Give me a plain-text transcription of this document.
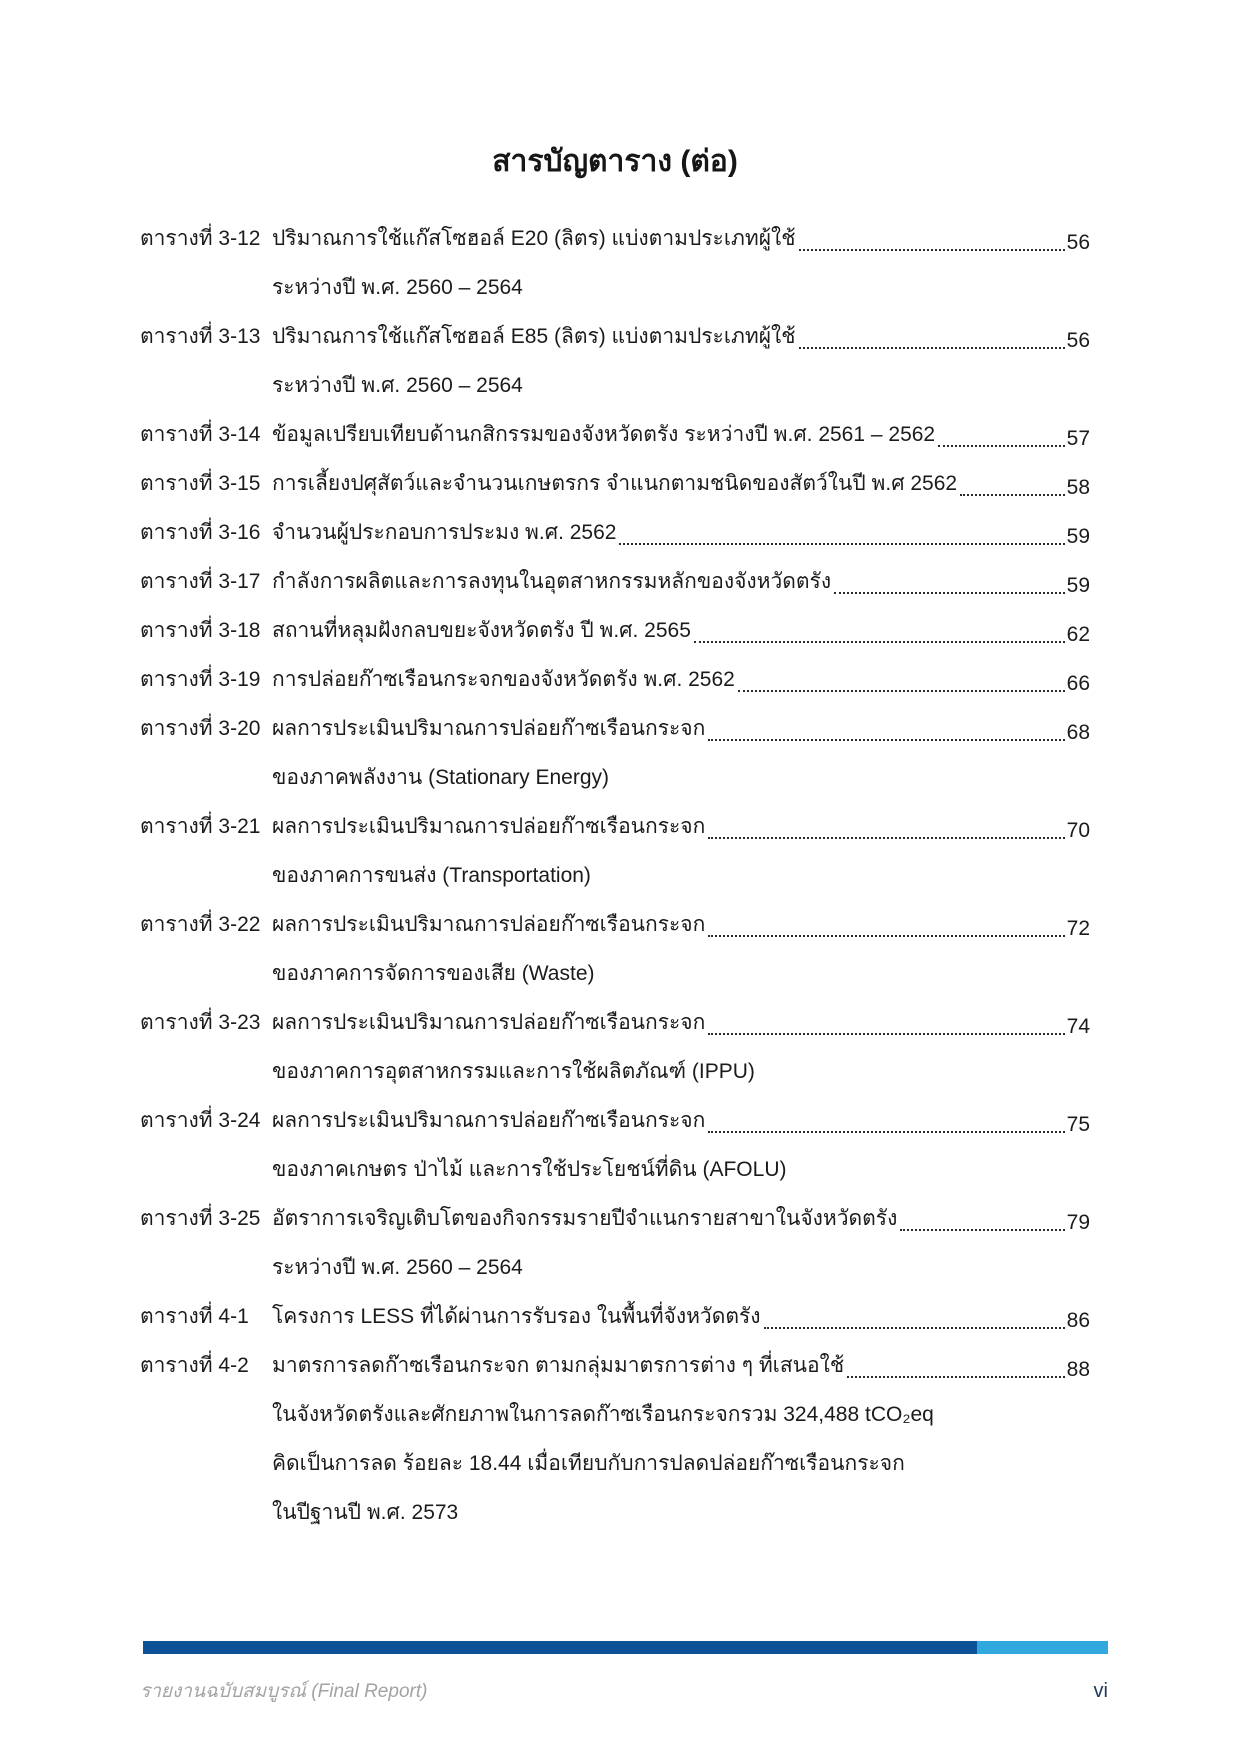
สารบัญตาราง (ต่อ)
ตารางที่ 3-12 ปริมาณการใช้แก๊สโซฮอล์ E20 (ลิตร) แบ่งตามประเภทผู้ใช้	56
ระหว่างปี พ.ศ. 2560 – 2564
ตารางที่ 3-13 ปริมาณการใช้แก๊สโซฮอล์ E85 (ลิตร) แบ่งตามประเภทผู้ใช้	56
ระหว่างปี พ.ศ. 2560 – 2564
ตารางที่ 3-14 ข้อมูลเปรียบเทียบด้านกสิกรรมของจังหวัดตรัง ระหว่างปี พ.ศ. 2561 – 2562	57
ตารางที่ 3-15 การเลี้ยงปศุสัตว์และจำนวนเกษตรกร จำแนกตามชนิดของสัตว์ในปี พ.ศ 2562	58
ตารางที่ 3-16 จำนวนผู้ประกอบการประมง พ.ศ. 2562	59
ตารางที่ 3-17 กำลังการผลิตและการลงทุนในอุตสาหกรรมหลักของจังหวัดตรัง	59
ตารางที่ 3-18 สถานที่หลุมฝังกลบขยะจังหวัดตรัง ปี พ.ศ. 2565	62
ตารางที่ 3-19 การปล่อยก๊าซเรือนกระจกของจังหวัดตรัง พ.ศ. 2562	66
ตารางที่ 3-20 ผลการประเมินปริมาณการปล่อยก๊าซเรือนกระจก	68
ของภาคพลังงาน (Stationary Energy)
ตารางที่ 3-21 ผลการประเมินปริมาณการปล่อยก๊าซเรือนกระจก	70
ของภาคการขนส่ง (Transportation)
ตารางที่ 3-22 ผลการประเมินปริมาณการปล่อยก๊าซเรือนกระจก	72
ของภาคการจัดการของเสีย (Waste)
ตารางที่ 3-23 ผลการประเมินปริมาณการปล่อยก๊าซเรือนกระจก	74
ของภาคการอุตสาหกรรมและการใช้ผลิตภัณฑ์ (IPPU)
ตารางที่ 3-24 ผลการประเมินปริมาณการปล่อยก๊าซเรือนกระจก	75
ของภาคเกษตร ป่าไม้ และการใช้ประโยชน์ที่ดิน (AFOLU)
ตารางที่ 3-25 อัตราการเจริญเติบโตของกิจกรรมรายปีจำแนกรายสาขาในจังหวัดตรัง	79
ระหว่างปี พ.ศ. 2560 – 2564
ตารางที่ 4-1	โครงการ LESS ที่ได้ผ่านการรับรอง ในพื้นที่จังหวัดตรัง	86
ตารางที่ 4-2	มาตรการลดก๊าซเรือนกระจก ตามกลุ่มมาตรการต่าง ๆ ที่เสนอใช้	88
ในจังหวัดตรังและศักยภาพในการลดก๊าซเรือนกระจกรวม 324,488 tCO₂eq
คิดเป็นการลด ร้อยละ 18.44 เมื่อเทียบกับการปลดปล่อยก๊าซเรือนกระจก
ในปีฐานปี พ.ศ. 2573
รายงานฉบับสมบูรณ์ (Final Report)	vi
